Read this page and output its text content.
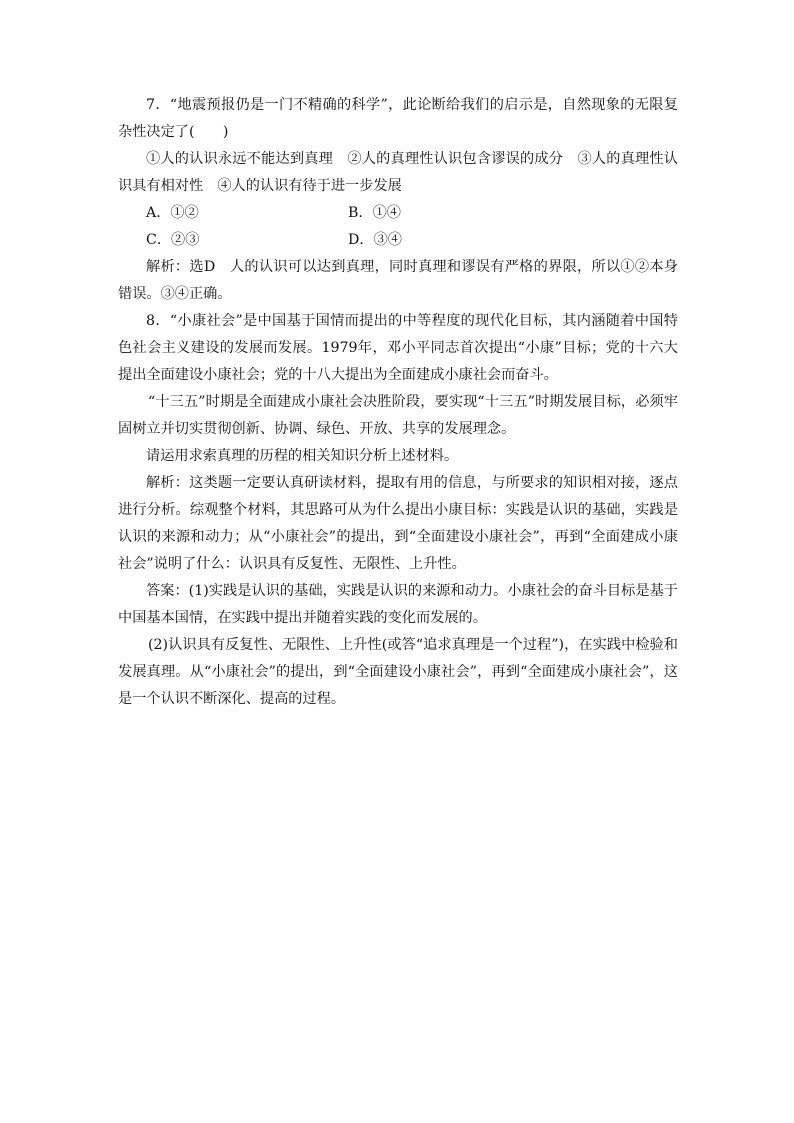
7．“地震预报仍是一门不精确的科学”，此论断给我们的启示是，自然现象的无限复杂性决定了(　　)

①人的认识永远不能达到真理　②人的真理性认识包含谬误的成分　③人的真理性认识具有相对性　④人的认识有待于进一步发展

A．①②	B．①④
C．②③	D．③④

解析：选D　人的认识可以达到真理，同时真理和谬误有严格的界限，所以①②本身错误。③④正确。

8．“小康社会”是中国基于国情而提出的中等程度的现代化目标，其内涵随着中国特色社会主义建设的发展而发展。1979年，邓小平同志首次提出“小康”目标；党的十六大提出全面建设小康社会；党的十八大提出为全面建成小康社会而奋斗。

“十三五”时期是全面建成小康社会决胜阶段，要实现“十三五”时期发展目标，必须牢固树立并切实贯彻创新、协调、绿色、开放、共享的发展理念。

请运用求索真理的历程的相关知识分析上述材料。

解析：这类题一定要认真研读材料，提取有用的信息，与所要求的知识相对接，逐点进行分析。综观整个材料，其思路可从为什么提出小康目标：实践是认识的基础，实践是认识的来源和动力；从“小康社会”的提出，到“全面建设小康社会”，再到“全面建成小康社会”说明了什么：认识具有反复性、无限性、上升性。

答案：(1)实践是认识的基础，实践是认识的来源和动力。小康社会的奋斗目标是基于中国基本国情，在实践中提出并随着实践的变化而发展的。

(2)认识具有反复性、无限性、上升性(或答“追求真理是一个过程”)，在实践中检验和发展真理。从“小康社会”的提出，到“全面建设小康社会”，再到“全面建成小康社会”，这是一个认识不断深化、提高的过程。
